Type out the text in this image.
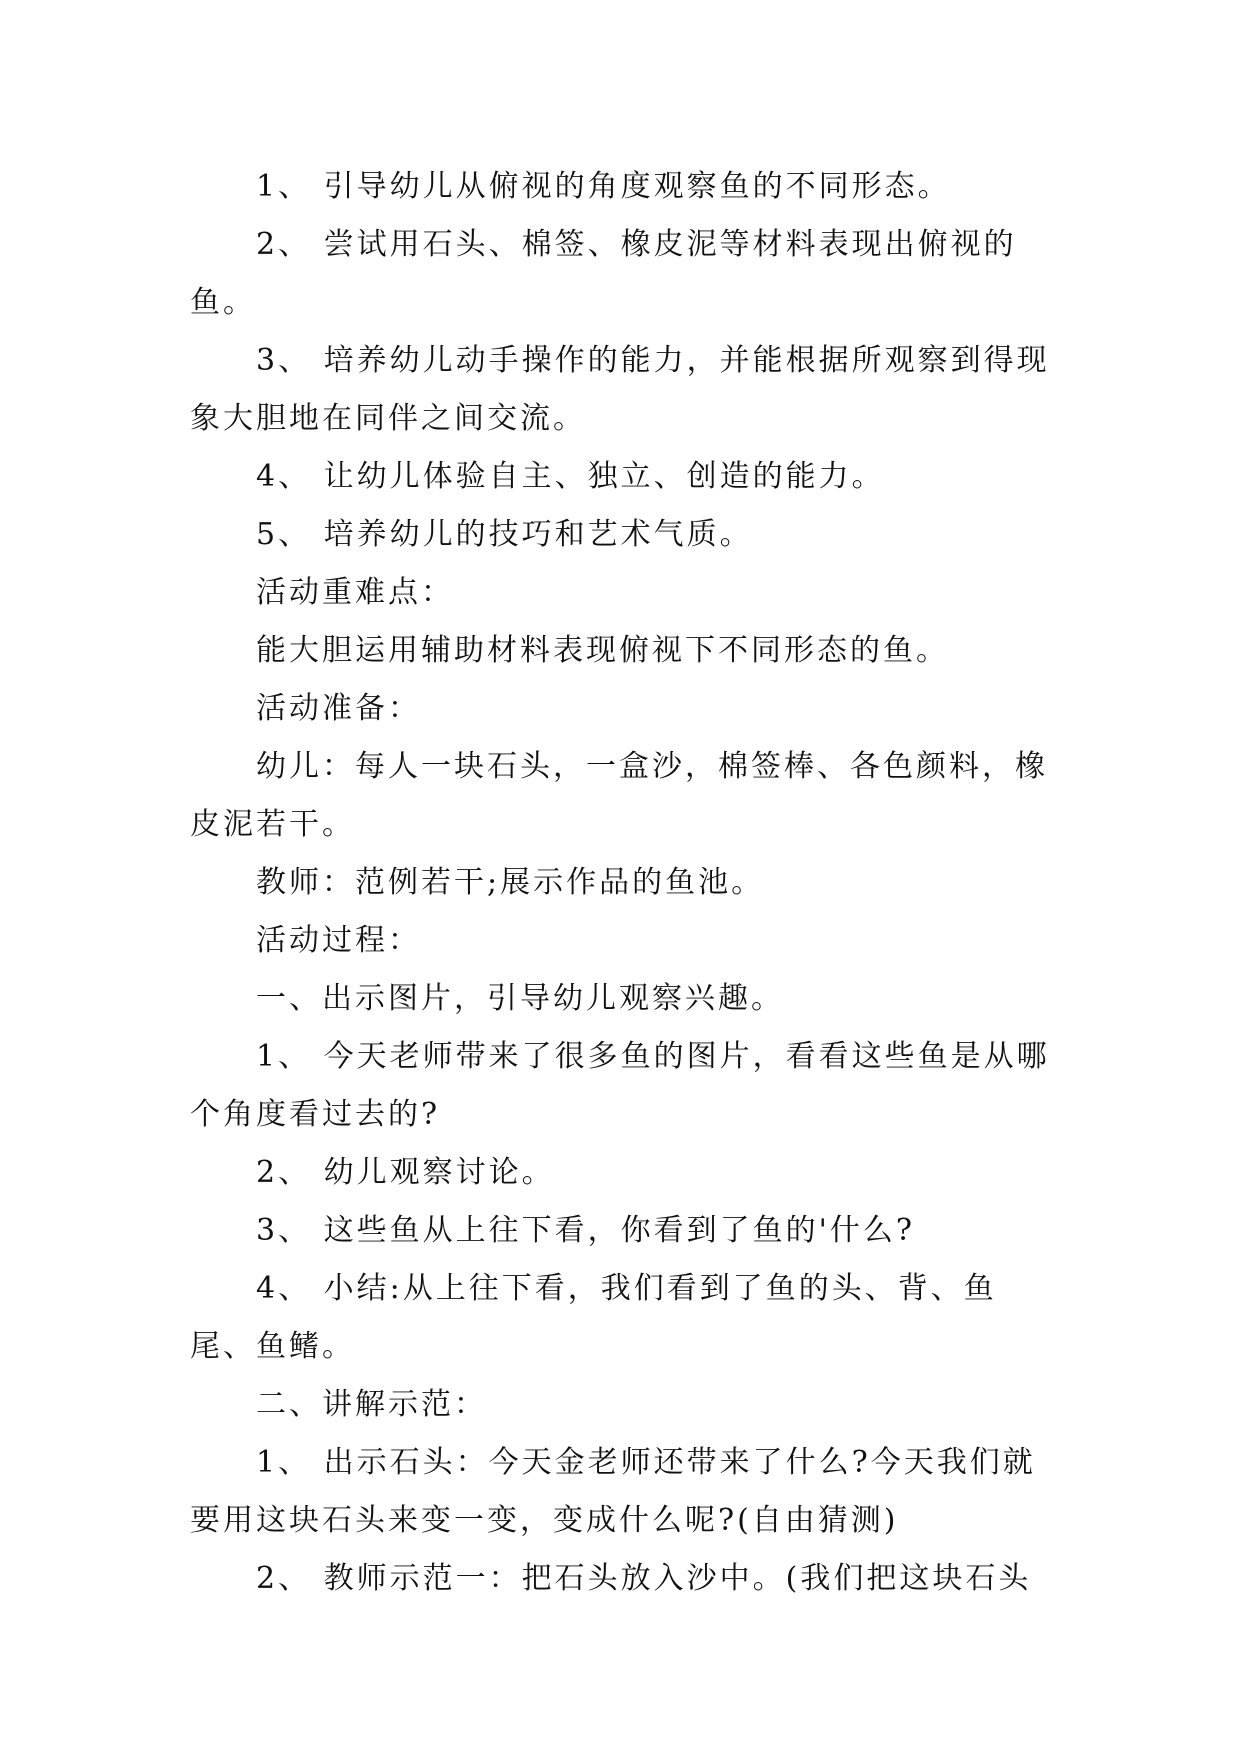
1、 引导幼儿从俯视的角度观察鱼的不同形态。

2、 尝试用石头、棉签、橡皮泥等材料表现出俯视的鱼。

3、 培养幼儿动手操作的能力，并能根据所观察到得现象大胆地在同伴之间交流。

4、 让幼儿体验自主、独立、创造的能力。

5、 培养幼儿的技巧和艺术气质。

活动重难点：

能大胆运用辅助材料表现俯视下不同形态的鱼。

活动准备：

幼儿：每人一块石头，一盒沙，棉签棒、各色颜料，橡皮泥若干。

教师：范例若干;展示作品的鱼池。

活动过程：

一、出示图片，引导幼儿观察兴趣。

1、 今天老师带来了很多鱼的图片，看看这些鱼是从哪个角度看过去的?

2、 幼儿观察讨论。

3、 这些鱼从上往下看，你看到了鱼的'什么?

4、 小结:从上往下看，我们看到了鱼的头、背、鱼尾、鱼鳍。

二、讲解示范：

1、 出示石头：今天金老师还带来了什么?今天我们就要用这块石头来变一变，变成什么呢?(自由猜测)

2、 教师示范一：把石头放入沙中。(我们把这块石头
